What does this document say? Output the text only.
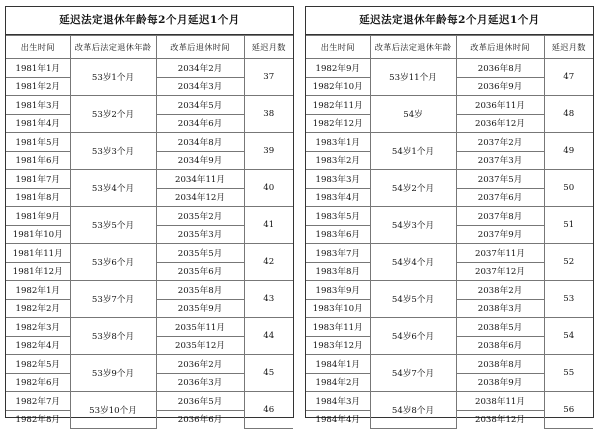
延迟法定退休年龄每2个月延迟1个月
出生时间	改革后法定退休年龄	改革后退休时间	延迟月数
1981年1月	53岁1个月	2034年2月	37
1981年2月		2034年3月	
1981年3月	53岁2个月	2034年5月	38
1981年4月		2034年6月	
1981年5月	53岁3个月	2034年8月	39
1981年6月		2034年9月	
1981年7月	53岁4个月	2034年11月	40
1981年8月		2034年12月	
1981年9月	53岁5个月	2035年2月	41
1981年10月		2035年3月	
1981年11月	53岁6个月	2035年5月	42
1981年12月		2035年6月	
1982年1月	53岁7个月	2035年8月	43
1982年2月		2035年9月	
1982年3月	53岁8个月	2035年11月	44
1982年4月		2035年12月	
1982年5月	53岁9个月	2036年2月	45
1982年6月		2036年3月	
1982年7月	53岁10个月	2036年5月	46
1982年8月		2036年6月	
延迟法定退休年龄每2个月延迟1个月
出生时间	改革后法定退休年龄	改革后退休时间	延迟月数
1982年9月	53岁11个月	2036年8月	47
1982年10月		2036年9月	
1982年11月	54岁	2036年11月	48
1982年12月		2036年12月	
1983年1月	54岁1个月	2037年2月	49
1983年2月		2037年3月	
1983年3月	54岁2个月	2037年5月	50
1983年4月		2037年6月	
1983年5月	54岁3个月	2037年8月	51
1983年6月		2037年9月	
1983年7月	54岁4个月	2037年11月	52
1983年8月		2037年12月	
1983年9月	54岁5个月	2038年2月	53
1983年10月		2038年3月	
1983年11月	54岁6个月	2038年5月	54
1983年12月		2038年6月	
1984年1月	54岁7个月	2038年8月	55
1984年2月		2038年9月	
1984年3月	54岁8个月	2038年11月	56
1984年4月		2038年12月	
